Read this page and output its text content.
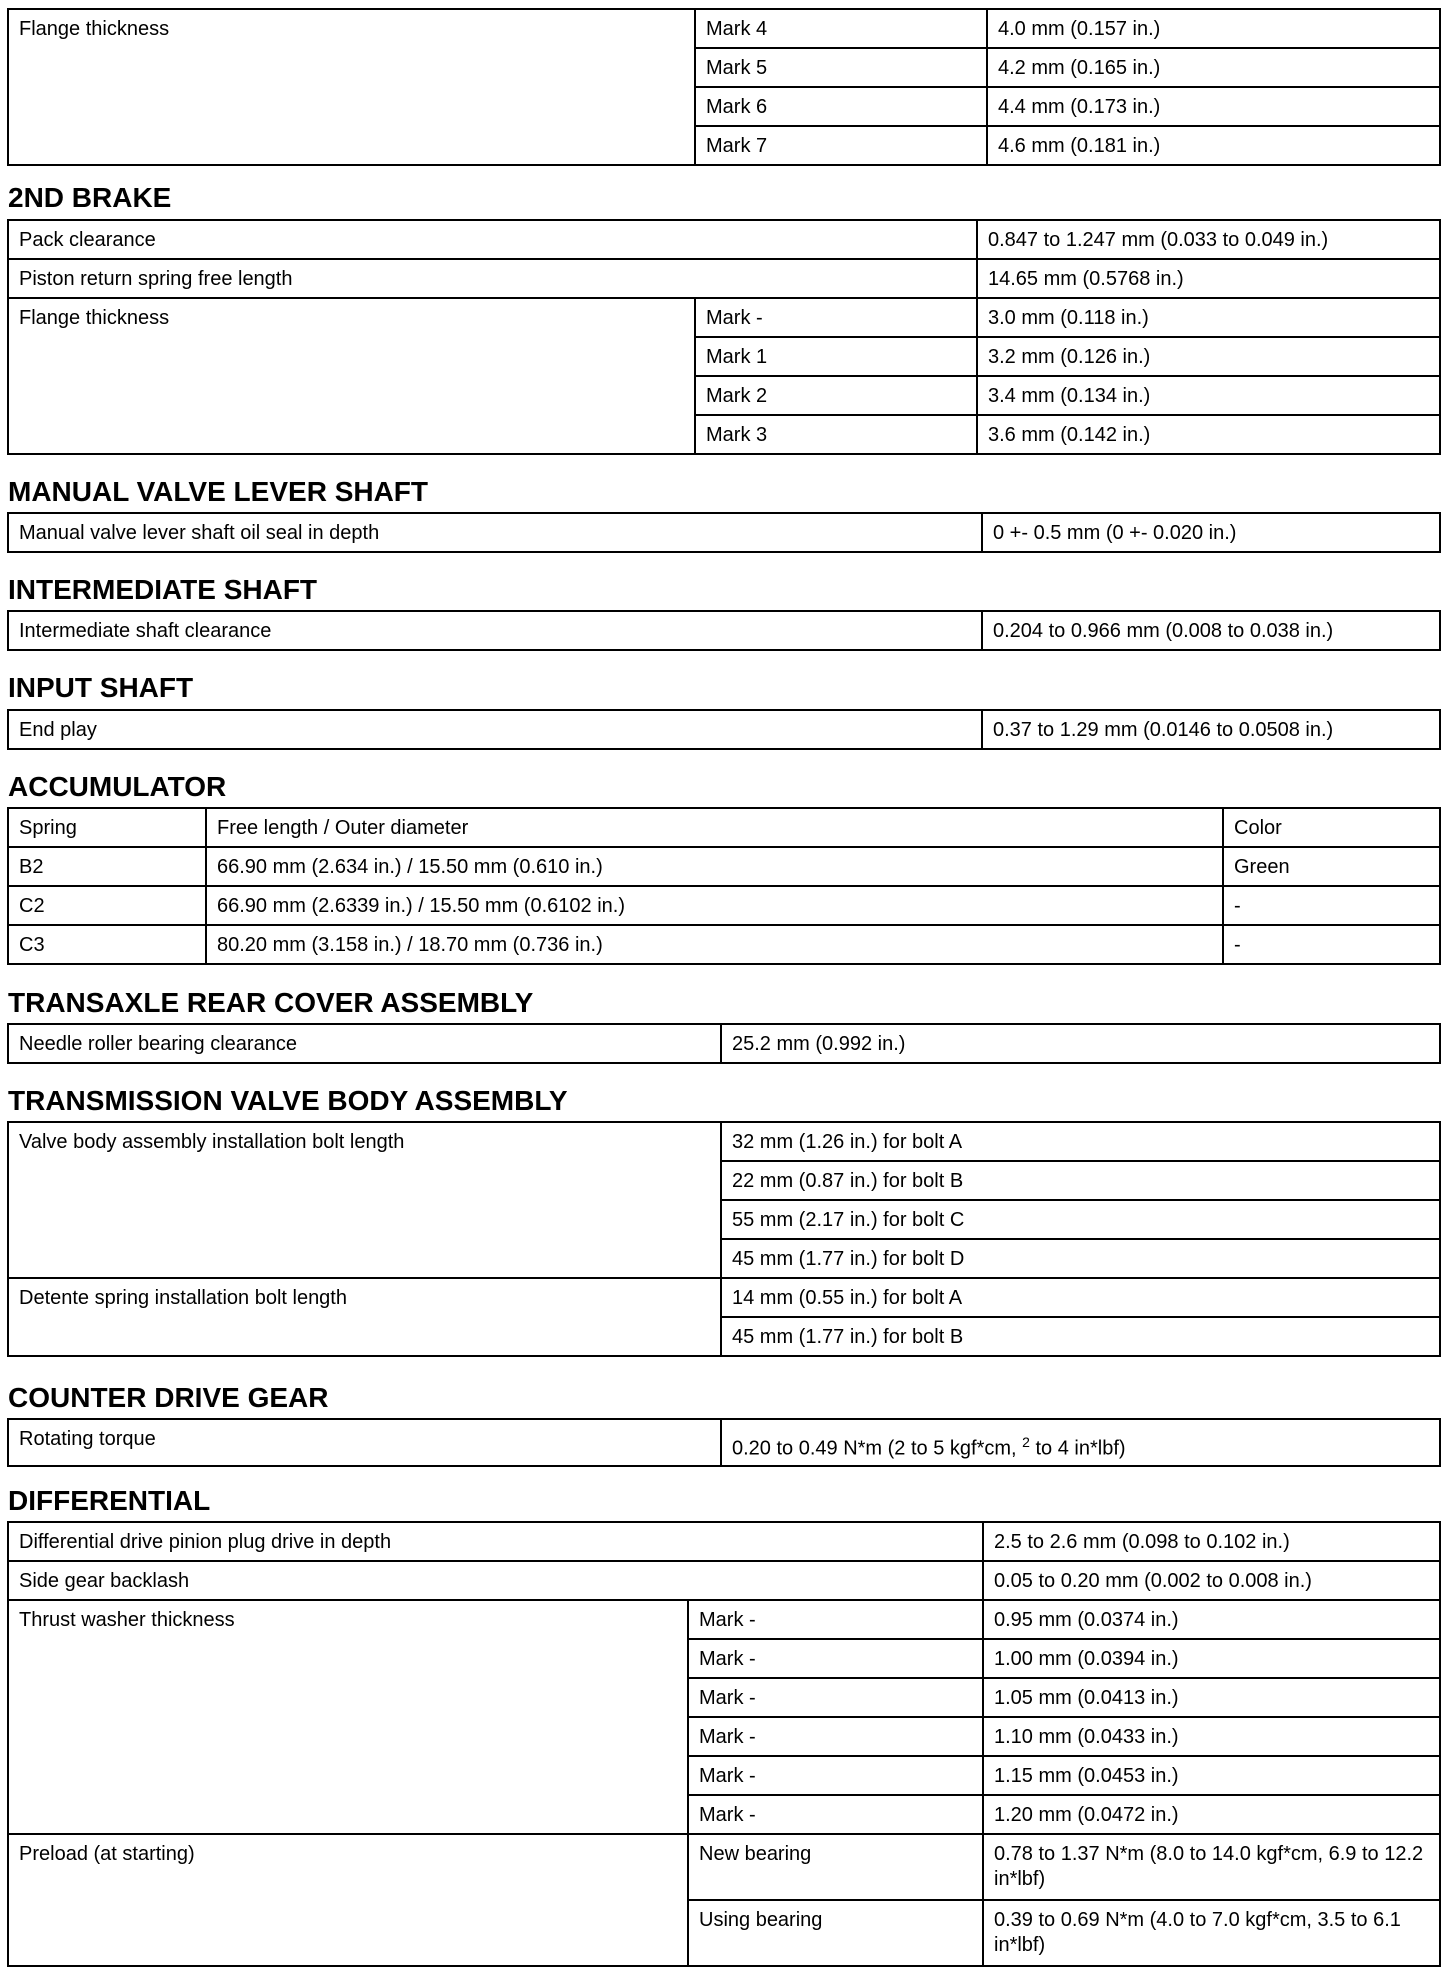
Flange thickness	Mark 4	4.0 mm (0.157 in.)
	Mark 5	4.2 mm (0.165 in.)
	Mark 6	4.4 mm (0.173 in.)
	Mark 7	4.6 mm (0.181 in.)
2ND BRAKE
Pack clearance		0.847 to 1.247 mm (0.033 to 0.049 in.)
Piston return spring free length		14.65 mm (0.5768 in.)
Flange thickness	Mark -	3.0 mm (0.118 in.)
	Mark 1	3.2 mm (0.126 in.)
	Mark 2	3.4 mm (0.134 in.)
	Mark 3	3.6 mm (0.142 in.)
MANUAL VALVE LEVER SHAFT
Manual valve lever shaft oil seal in depth	0 +- 0.5 mm (0 +- 0.020 in.)
INTERMEDIATE SHAFT
Intermediate shaft clearance	0.204 to 0.966 mm (0.008 to 0.038 in.)
INPUT SHAFT
End play	0.37 to 1.29 mm (0.0146 to 0.0508 in.)
ACCUMULATOR
Spring	Free length / Outer diameter	Color
B2	66.90 mm (2.634 in.) / 15.50 mm (0.610 in.)	Green
C2	66.90 mm (2.6339 in.) / 15.50 mm (0.6102 in.)	-
C3	80.20 mm (3.158 in.) / 18.70 mm (0.736 in.)	-
TRANSAXLE REAR COVER ASSEMBLY
Needle roller bearing clearance	25.2 mm (0.992 in.)
TRANSMISSION VALVE BODY ASSEMBLY
Valve body assembly installation bolt length	32 mm (1.26 in.) for bolt A
	22 mm (0.87 in.) for bolt B
	55 mm (2.17 in.) for bolt C
	45 mm (1.77 in.) for bolt D
Detente spring installation bolt length	14 mm (0.55 in.) for bolt A
	45 mm (1.77 in.) for bolt B
COUNTER DRIVE GEAR
Rotating torque	0.20 to 0.49 N*m (2 to 5 kgf*cm, $^2$ to 4 in*lbf)
DIFFERENTIAL
Differential drive pinion plug drive in depth		2.5 to 2.6 mm (0.098 to 0.102 in.)
Side gear backlash		0.05 to 0.20 mm (0.002 to 0.008 in.)
Thrust washer thickness	Mark -	0.95 mm (0.0374 in.)
	Mark -	1.00 mm (0.0394 in.)
	Mark -	1.05 mm (0.0413 in.)
	Mark -	1.10 mm (0.0433 in.)
	Mark -	1.15 mm (0.0453 in.)
	Mark -	1.20 mm (0.0472 in.)
Preload (at starting)	New bearing	0.78 to 1.37 N*m (8.0 to 14.0 kgf*cm, 6.9 to 12.2 in*lbf)
	Using bearing	0.39 to 0.69 N*m (4.0 to 7.0 kgf*cm, 3.5 to 6.1 in*lbf)
